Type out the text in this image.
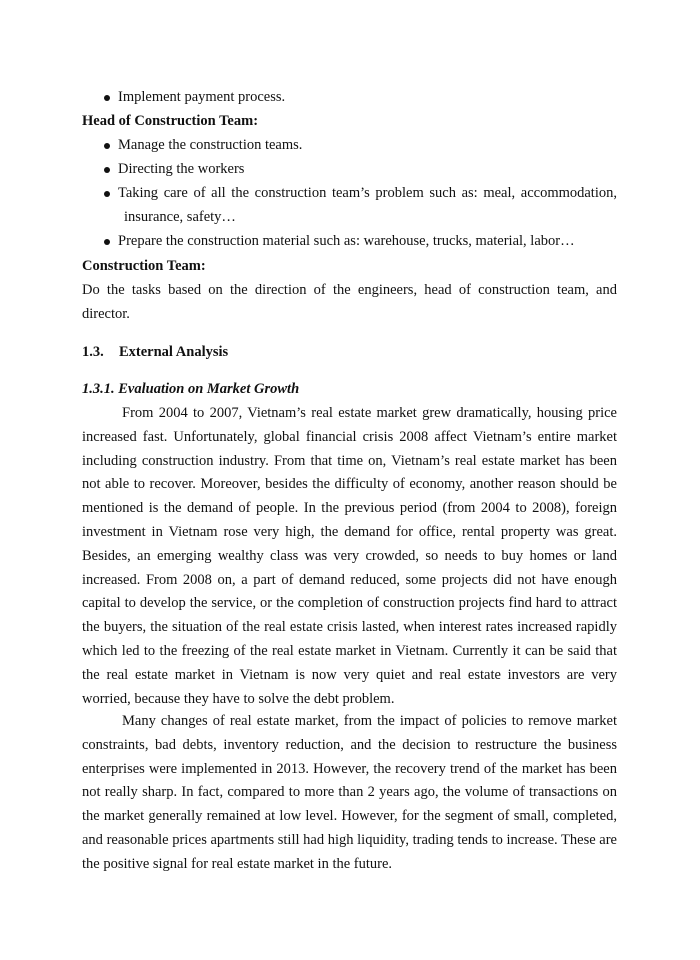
Implement payment process.
Head of Construction Team:
Manage the construction teams.
Directing the workers
Taking care of all the construction team’s problem such as: meal, accommodation,
insurance, safety…
Prepare the construction material such as: warehouse, trucks, material, labor…
Construction Team:

Do the tasks based on the direction of the engineers, head of construction team, and director.

1.3. External Analysis
1.3.1. Evaluation on Market Growth

From 2004 to 2007, Vietnam’s real estate market grew dramatically, housing price increased fast. Unfortunately, global financial crisis 2008 affect Vietnam’s entire market including construction industry. From that time on, Vietnam’s real estate market has been not able to recover. Moreover, besides the difficulty of economy, another reason should be mentioned is the demand of people. In the previous period (from 2004 to 2008), foreign investment in Vietnam rose very high, the demand for office, rental property was great. Besides, an emerging wealthy class was very crowded, so needs to buy homes or land increased. From 2008 on, a part of demand reduced, some projects did not have enough capital to develop the service, or the completion of construction projects find hard to attract the buyers, the situation of the real estate crisis lasted, when interest rates increased rapidly which led to the freezing of the real estate market in Vietnam. Currently it can be said that the real estate market in Vietnam is now very quiet and real estate investors are very worried, because they have to solve the debt problem.

Many changes of real estate market, from the impact of policies to remove market constraints, bad debts, inventory reduction, and the decision to restructure the business enterprises were implemented in 2013. However, the recovery trend of the market has been not really sharp. In fact, compared to more than 2 years ago, the volume of transactions on the market generally remained at low level. However, for the segment of small, completed, and reasonable prices apartments still had high liquidity, trading tends to increase. These are the positive signal for real estate market in the future.
